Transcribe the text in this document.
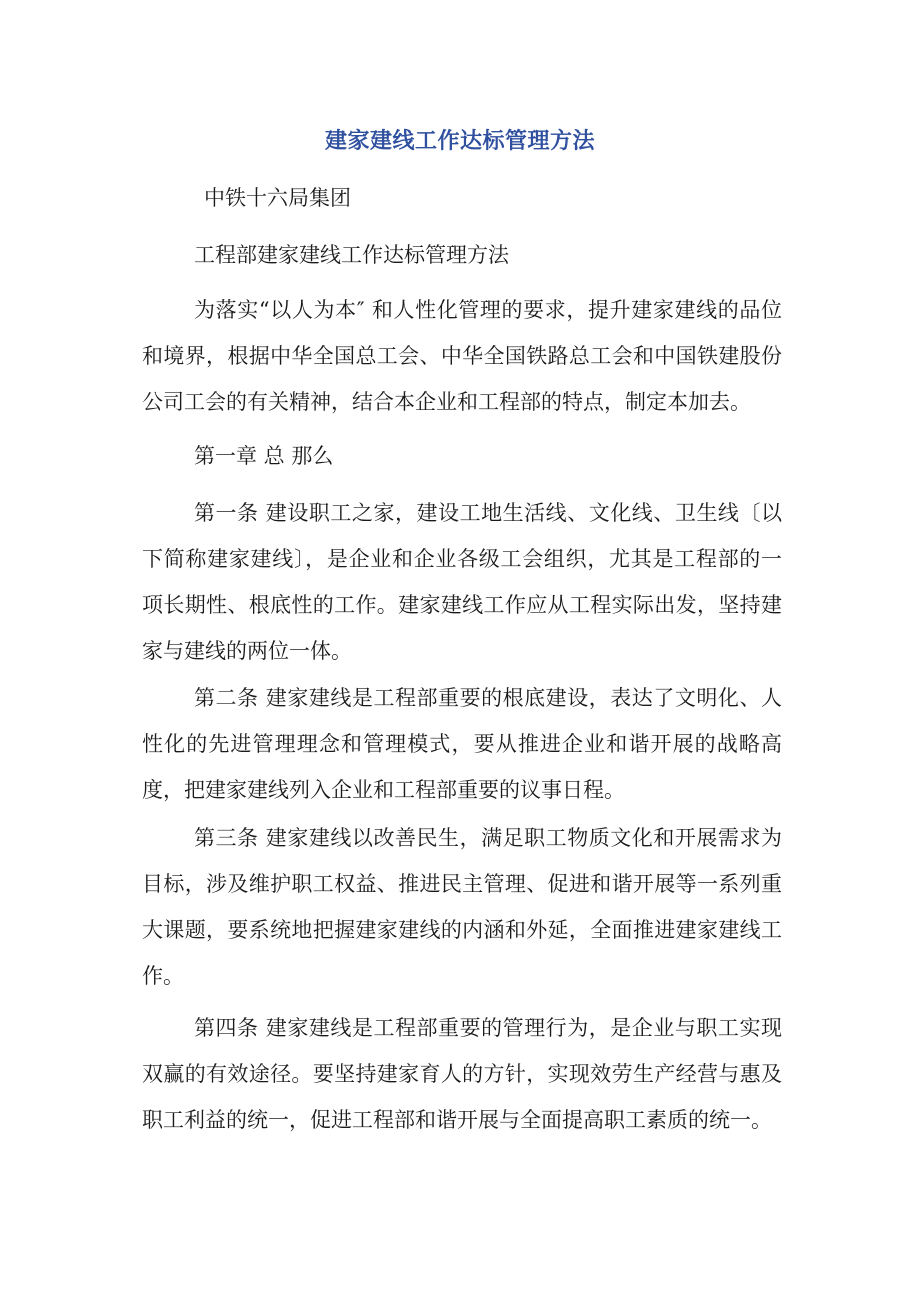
建家建线工作达标管理方法
中铁十六局集团
工程部建家建线工作达标管理方法
为落实“以人为本″ 和人性化管理的要求，提升建家建线的品位和境界，根据中华全国总工会、中华全国铁路总工会和中国铁建股份公司工会的有关精神，结合本企业和工程部的特点，制定本加去。
第一章 总 那么
第一条 建设职工之家，建设工地生活线、文化线、卫生线〔以下简称建家建线〕，是企业和企业各级工会组织，尤其是工程部的一项长期性、根底性的工作。建家建线工作应从工程实际出发，坚持建家与建线的两位一体。
第二条 建家建线是工程部重要的根底建设，表达了文明化、人性化的先进管理理念和管理模式，要从推进企业和谐开展的战略高度，把建家建线列入企业和工程部重要的议事日程。
第三条 建家建线以改善民生，满足职工物质文化和开展需求为目标，涉及维护职工权益、推进民主管理、促进和谐开展等一系列重大课题，要系统地把握建家建线的内涵和外延，全面推进建家建线工作。
第四条 建家建线是工程部重要的管理行为，是企业与职工实现双赢的有效途径。要坚持建家育人的方针，实现效劳生产经营与惠及职工利益的统一，促进工程部和谐开展与全面提高职工素质的统一。
